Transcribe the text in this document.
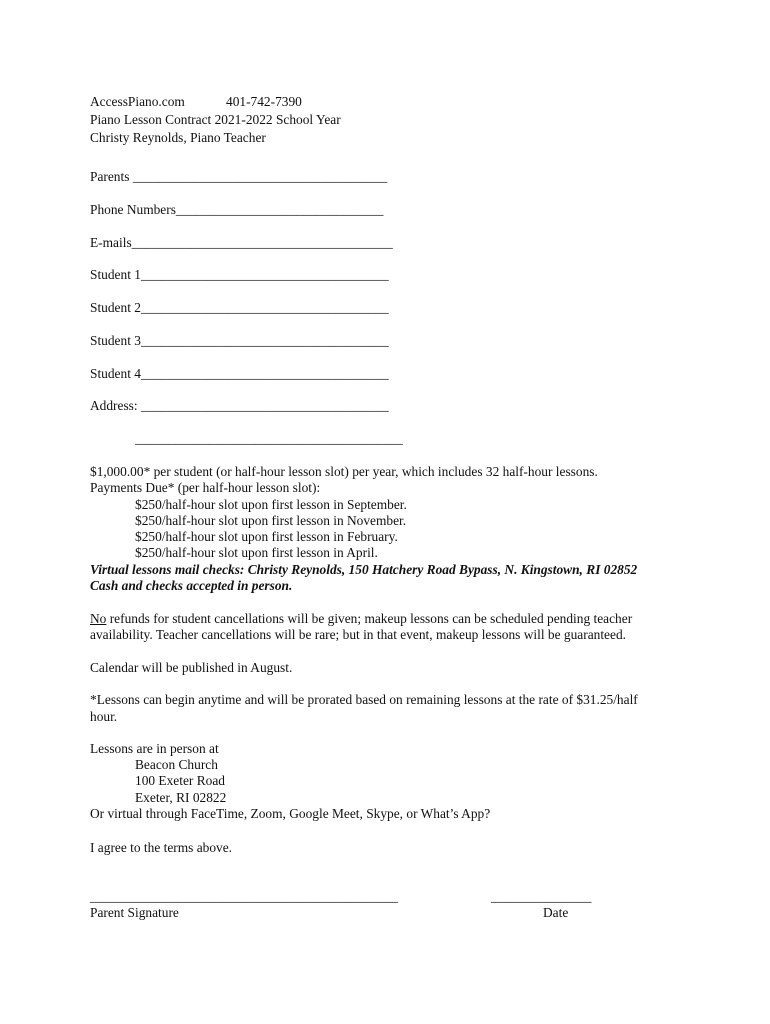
AccessPiano.com	401-742-7390
Piano Lesson Contract 2021-2022 School Year
Christy Reynolds, Piano Teacher
Parents ______________________________________
Phone Numbers_______________________________
E-mails_______________________________________
Student 1_____________________________________
Student 2_____________________________________
Student 3_____________________________________
Student 4_____________________________________
Address: _____________________________________
________________________________________
$1,000.00* per student (or half-hour lesson slot) per year, which includes 32 half-hour lessons.
Payments Due* (per half-hour lesson slot):
$250/half-hour slot upon first lesson in September.
$250/half-hour slot upon first lesson in November.
$250/half-hour slot upon first lesson in February.
$250/half-hour slot upon first lesson in April.
Virtual lessons mail checks: Christy Reynolds, 150 Hatchery Road Bypass, N. Kingstown, RI 02852
Cash and checks accepted in person.
No refunds for student cancellations will be given; makeup lessons can be scheduled pending teacher
availability. Teacher cancellations will be rare; but in that event, makeup lessons will be guaranteed.
Calendar will be published in August.
*Lessons can begin anytime and will be prorated based on remaining lessons at the rate of $31.25/half
hour.
Lessons are in person at
Beacon Church
100 Exeter Road
Exeter, RI 02822
Or virtual through FaceTime, Zoom, Google Meet, Skype, or What’s App?
I agree to the terms above.
______________________________________________	_______________
Parent Signature	Date
